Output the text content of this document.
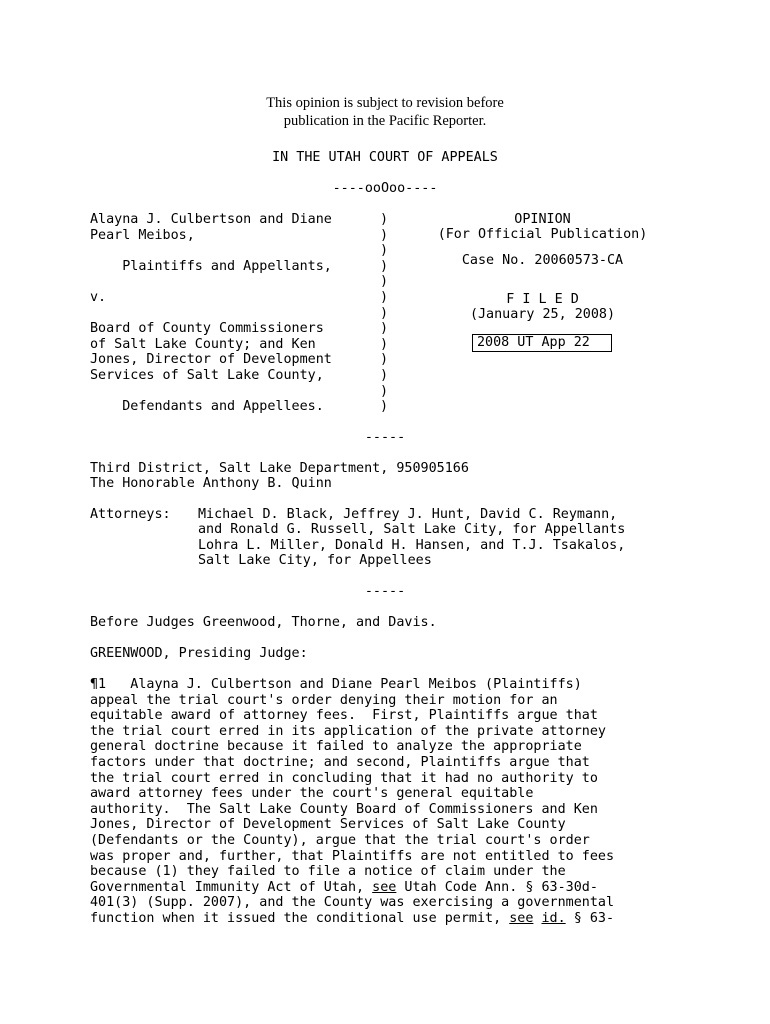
This opinion is subject to revision before
publication in the Pacific Reporter.
IN THE UTAH COURT OF APPEALS
----ooOoo----
Alayna J. Culbertson and Diane
Pearl Meibos,
Plaintiffs and Appellants,
v.
Board of County Commissioners
of Salt Lake County; and Ken
Jones, Director of Development
Services of Salt Lake County,
Defendants and Appellees.
)
)
)
)
)
)
)
)
)
)
)
)
)
OPINION
(For Official Publication)
Case No. 20060573-CA
F I L E D
(January 25, 2008)
2008 UT App 22
-----
Third District, Salt Lake Department, 950905166
The Honorable Anthony B. Quinn
Attorneys: Michael D. Black, Jeffrey J. Hunt, David C. Reymann,
and Ronald G. Russell, Salt Lake City, for Appellants
Lohra L. Miller, Donald H. Hansen, and T.J. Tsakalos,
Salt Lake City, for Appellees
-----
Before Judges Greenwood, Thorne, and Davis.
GREENWOOD, Presiding Judge:
¶1   Alayna J. Culbertson and Diane Pearl Meibos (Plaintiffs)
appeal the trial court's order denying their motion for an
equitable award of attorney fees.  First, Plaintiffs argue that
the trial court erred in its application of the private attorney
general doctrine because it failed to analyze the appropriate
factors under that doctrine; and second, Plaintiffs argue that
the trial court erred in concluding that it had no authority to
award attorney fees under the court's general equitable
authority.  The Salt Lake County Board of Commissioners and Ken
Jones, Director of Development Services of Salt Lake County
(Defendants or the County), argue that the trial court's order
was proper and, further, that Plaintiffs are not entitled to fees
because (1) they failed to file a notice of claim under the
Governmental Immunity Act of Utah, see Utah Code Ann. § 63-30d-
401(3) (Supp. 2007), and the County was exercising a governmental
function when it issued the conditional use permit, see id. § 63-
